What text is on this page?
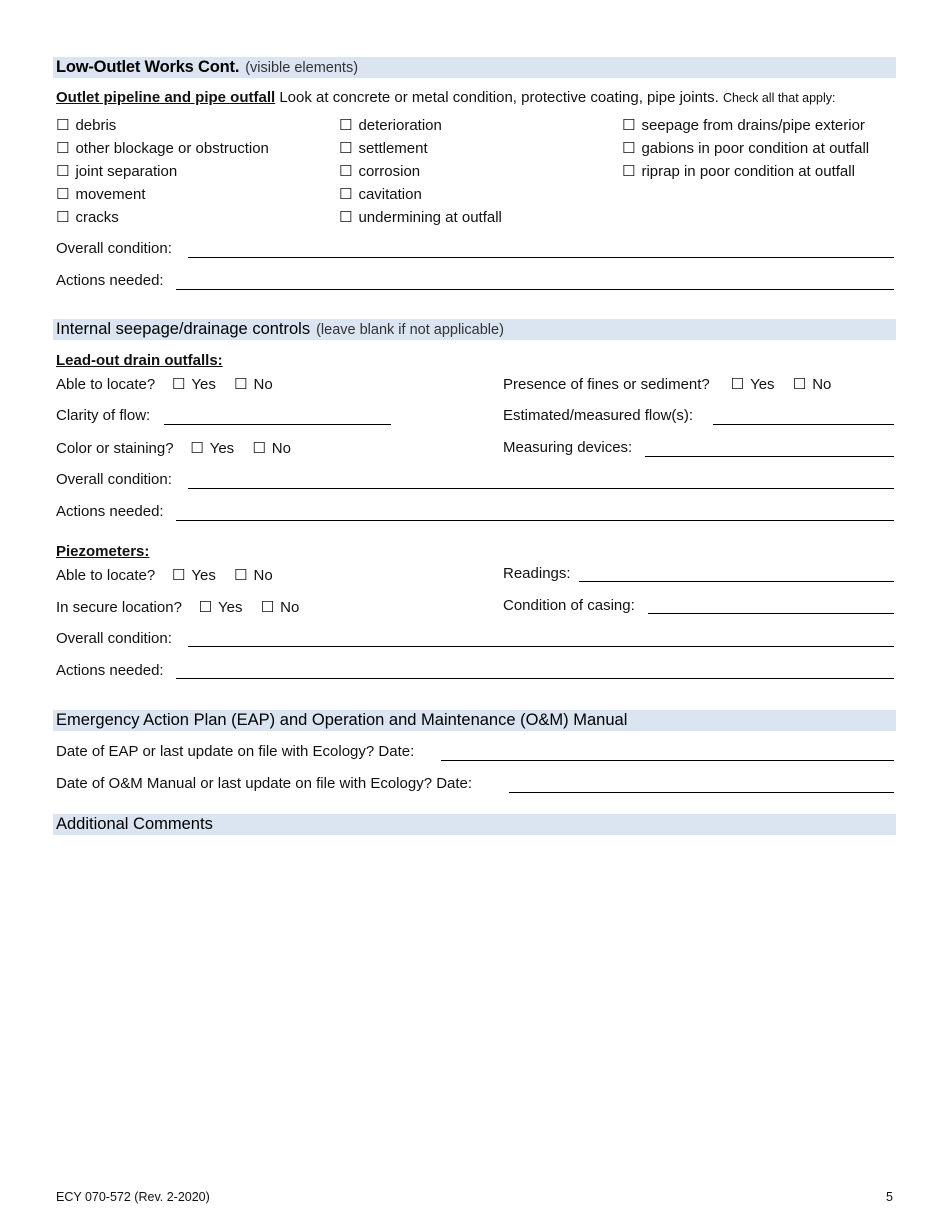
Low-Outlet Works Cont. (visible elements)
Outlet pipeline and pipe outfall Look at concrete or metal condition, protective coating, pipe joints. Check all that apply:
☐ debris
☐ other blockage or obstruction
☐ joint separation
☐ movement
☐ cracks
☐ deterioration
☐ settlement
☐ corrosion
☐ cavitation
☐ undermining at outfall
☐ seepage from drains/pipe exterior
☐ gabions in poor condition at outfall
☐ riprap in poor condition at outfall
Overall condition:
Actions needed:
Internal seepage/drainage controls (leave blank if not applicable)
Lead-out drain outfalls:
Able to locate? ☐ Yes ☐ No	Presence of fines or sediment? ☐ Yes ☐ No
Clarity of flow:	Estimated/measured flow(s):
Color or staining? ☐ Yes ☐ No	Measuring devices:
Overall condition:
Actions needed:
Piezometers:
Able to locate? ☐ Yes ☐ No	Readings:
In secure location? ☐ Yes ☐ No	Condition of casing:
Overall condition:
Actions needed:
Emergency Action Plan (EAP) and Operation and Maintenance (O&M) Manual
Date of EAP or last update on file with Ecology? Date:
Date of O&M Manual or last update on file with Ecology? Date:
Additional Comments
ECY 070-572 (Rev. 2-2020)	5
